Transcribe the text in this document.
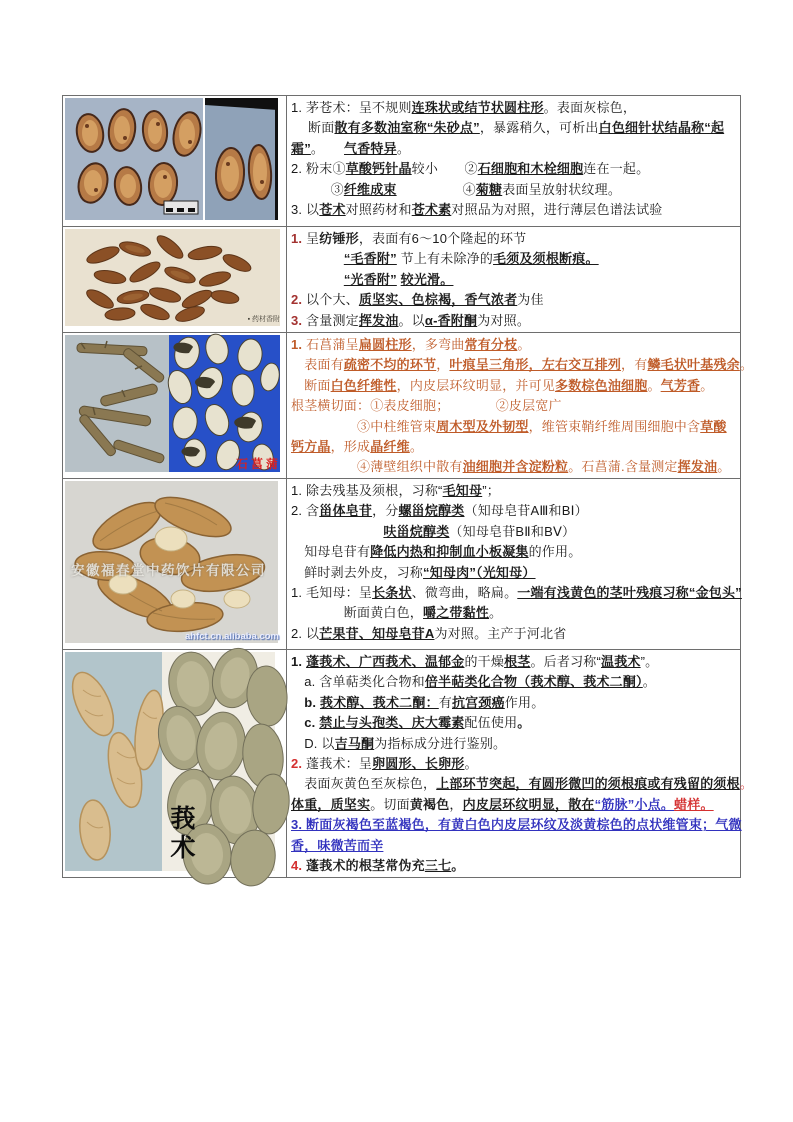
1. 茅苍术：呈不规则连珠状或结节状圆柱形。表面灰棕色，
　 断面散有多数油室称“朱砂点”，暴露稍久，可析出白色细针状结晶称“起
霜”。　　气香特异。
2. 粉末①草酸钙针晶较小　　②石细胞和木栓细胞连在一起。
　　　③纤维成束　　　　　④菊糖表面呈放射状纹理。
3. 以苍术对照药材和苍术素对照品为对照，进行薄层色谱法试验

▪ 药材香附	1. 呈纺锤形，表面有6～10个隆起的环节
　　　　“毛香附” 节上有未除净的毛须及须根断痕。
　　　　“光香附” 较光滑。
2. 以个大、质坚实、色棕褐，香气浓者为佳
3. 含量测定挥发油。以α-香附酮为对照。

石菖蒲

1. 石菖蒲呈扁圆柱形，多弯曲常有分枝。
　表面有疏密不均的环节，叶痕呈三角形，左右交互排列，有鳞毛状叶基残余。
　断面白色纤维性，内皮层环纹明显，并可见多数棕色油细胞。气芳香。
根茎横切面：①表皮细胞；　　　　②皮层宽广
　　　　　③中柱维管束周木型及外韧型，维管束鞘纤维周围细胞中含草酸
钙方晶，形成晶纤维。
　　　　　④薄壁组织中散有油细胞并含淀粉粒。石菖蒲.含量测定挥发油。

安徽福春堂中药饮片有限公司
ahfct.cn.alibaba.com

1. 除去残基及须根，习称“毛知母”；
2. 含甾体皂苷，分螺甾烷醇类（知母皂苷AⅢ和BⅠ）
　　　　　　　呋甾烷醇类（知母皂苷BⅡ和BⅤ）
　知母皂苷有降低内热和抑制血小板凝集的作用。
　鲜时剥去外皮，习称“知母肉”（光知母）
1. 毛知母：呈长条状、微弯曲，略扁。一端有浅黄色的茎叶残痕习称“金包头”
　　　　断面黄白色，嚼之带黏性。
2. 以芒果苷、知母皂苷A为对照。主产于河北省

莪术

1. 蓬莪术、广西莪术、温郁金的干燥根茎。后者习称“温莪术”。
　a. 含单萜类化合物和倍半萜类化合物（莪术醇、莪术二酮）。
　b. 莪术醇、莪术二酮：有抗宫颈癌作用。
　c. 禁止与头孢类、庆大霉素配伍使用。
　D. 以吉马酮为指标成分进行鉴别。
2. 蓬莪术：呈卵圆形、长卵形。
　表面灰黄色至灰棕色，上部环节突起，有圆形微凹的须根痕或有残留的须根。
体重，质坚实。切面黄褐色，内皮层环纹明显，散在“筋脉”小点。蜡样。
3. 断面灰褐色至蓝褐色，有黄白色内皮层环纹及淡黄棕色的点状维管束；气微
香，味微苦而辛
4. 蓬莪术的根茎常伪充三七。
